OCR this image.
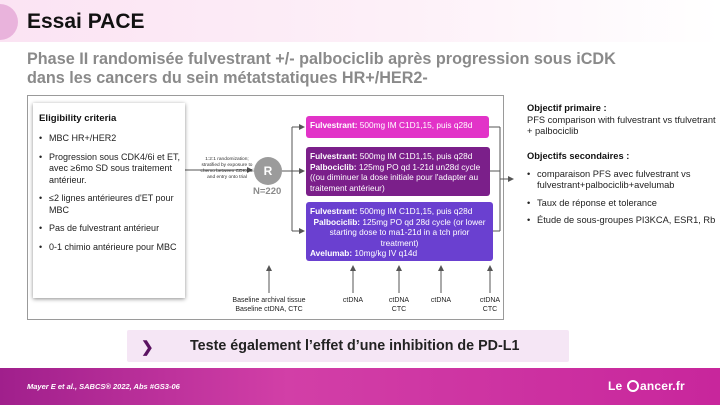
Essai PACE
Phase II randomisée fulvestrant +/- palbociclib après progression sous iCDK dans les cancers du sein métatstatiques HR+/HER2-
Eligibility criteria
• MBC HR+/HER2
• Progression sous CDK4/6i et ET, avec ≥6mo SD sous traitement antérieur.
• ≤2 lignes antérieures d'ET pour MBC
• Pas de fulvestrant antérieur
• 0-1 chimio antérieure pour MBC
1:2:1 randomization; stratified by exposure to chemo between CDK4/6i and entry onto trial	R
N=220
Fulvestrant: 500mg IM C1D1,15, puis q28d
Fulvestrant: 500mg IM C1D1,15, puis q28d
Palbociclib: 125mg PO qd 1-21d un28d cycle ((ou diminuer la dose initiale pour l'adapter au traitement antérieur)
Fulvestrant: 500mg IM C1D1,15, puis q28d
Palbociclib: 125mg PO qd 28d cycle (or lower starting dose to ma1-21d in a tch prior treatment)
Avelumab: 10mg/kg IV q14d
Baseline archival tissue
Baseline ctDNA, CTC
ctDNA	ctDNA
CTC
ctDNA	ctDNA
CTC
Objectif primaire :
PFS comparison with fulvestrant vs tfulvetrant + palbociclib
Objectifs secondaires :
• comparaison PFS avec fulvestrant vs fulvestrant+palbociclib+avelumab
• Taux de réponse et tolerance
• Étude de sous-groupes PI3KCA, ESR1, Rb
❯	Teste également l’effet d’une inhibition de PD-L1
Mayer E et al., SABCS® 2022, Abs #GS3-06	Le ancer.fr
